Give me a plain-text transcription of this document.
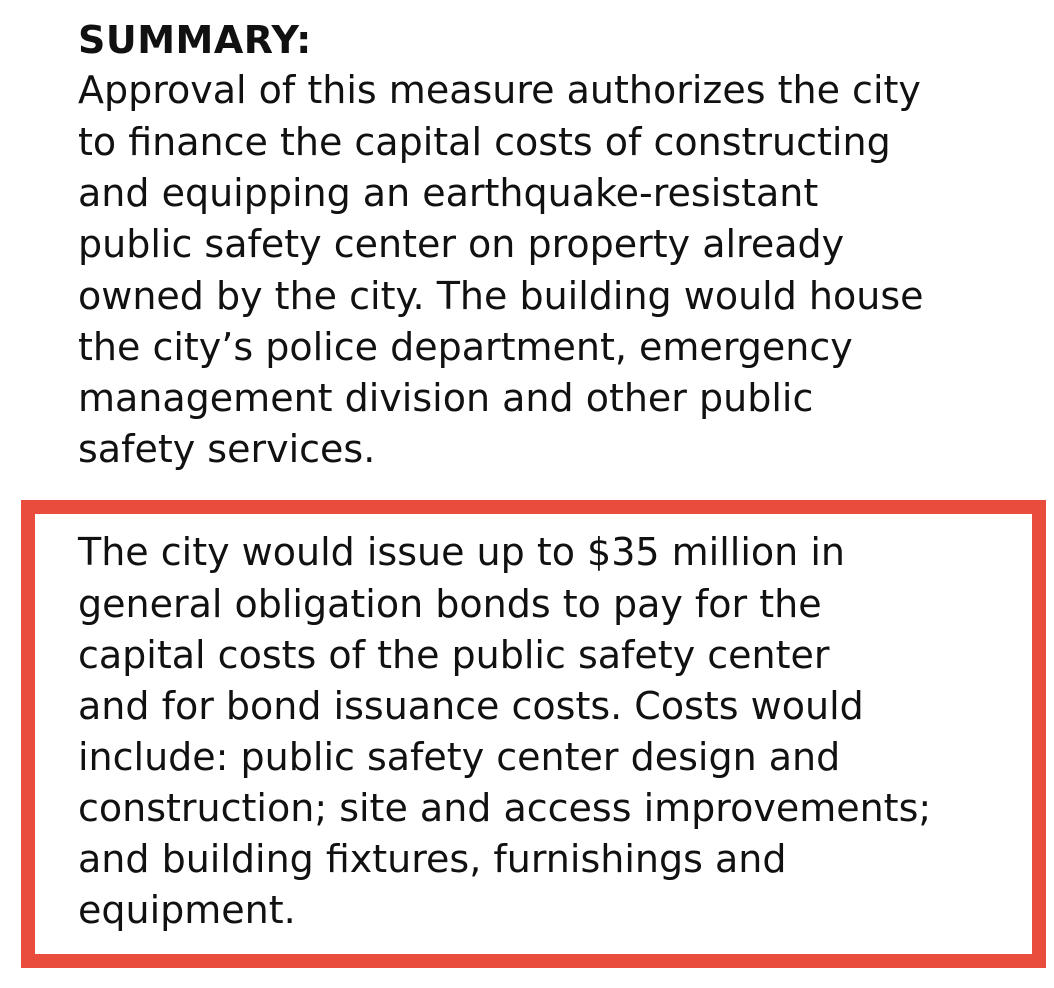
SUMMARY:

Approval of this measure authorizes the city

to finance the capital costs of constructing

and equipping an earthquake-resistant

public safety center on property already

owned by the city. The building would house

the city’s police department, emergency

management division and other public

safety services.

The city would issue up to $35 million in

general obligation bonds to pay for the

capital costs of the public safety center

and for bond issuance costs. Costs would

include: public safety center design and

construction; site and access improvements;

and building fixtures, furnishings and

equipment.
